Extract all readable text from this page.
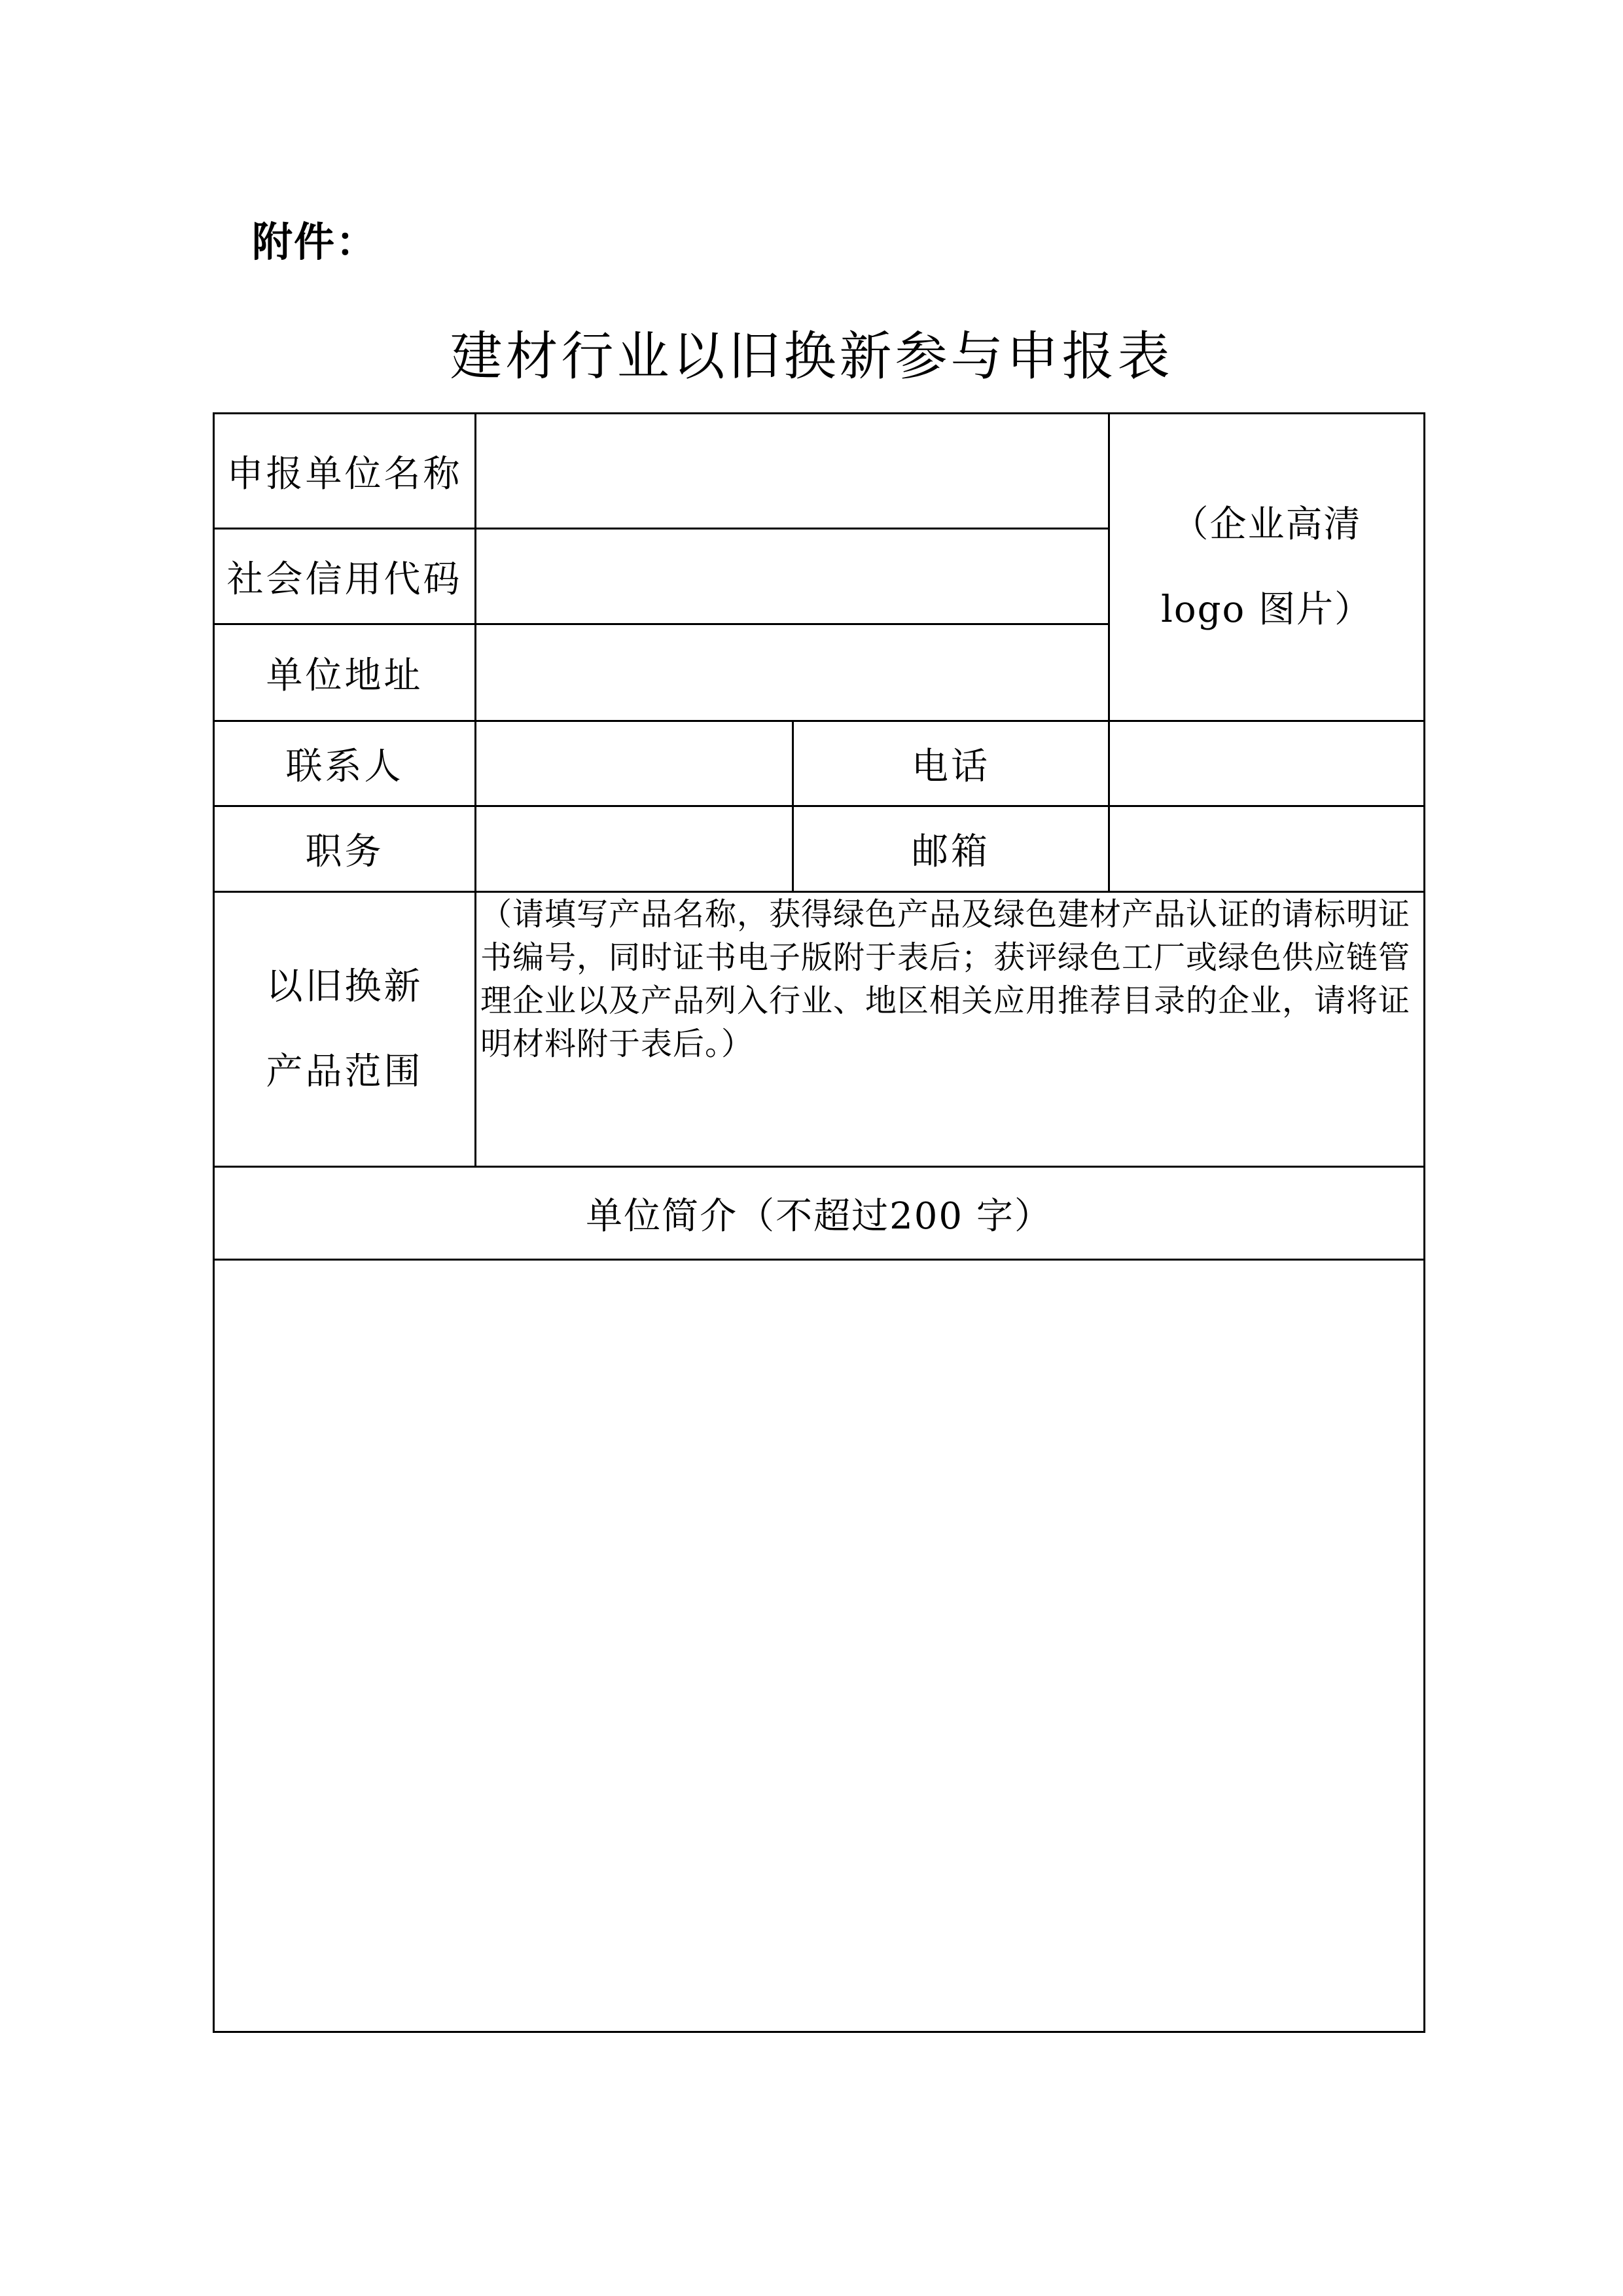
附件：
建材行业以旧换新参与申报表
申报单位名称			（企业高清
logo 图片）

社会信用代码			
单位地址			
联系人		电话	
职务		邮箱	

以旧换新
产品范围	（请填写产品名称，获得绿色产品及绿色建材产品认证的请标明证书编号，同时证书电子版附于表后；获评绿色工厂或绿色供应链管理企业以及产品列入行业、地区相关应用推荐目录的企业，请将证明材料附于表后。）		

单位简介（不超过200 字）			
